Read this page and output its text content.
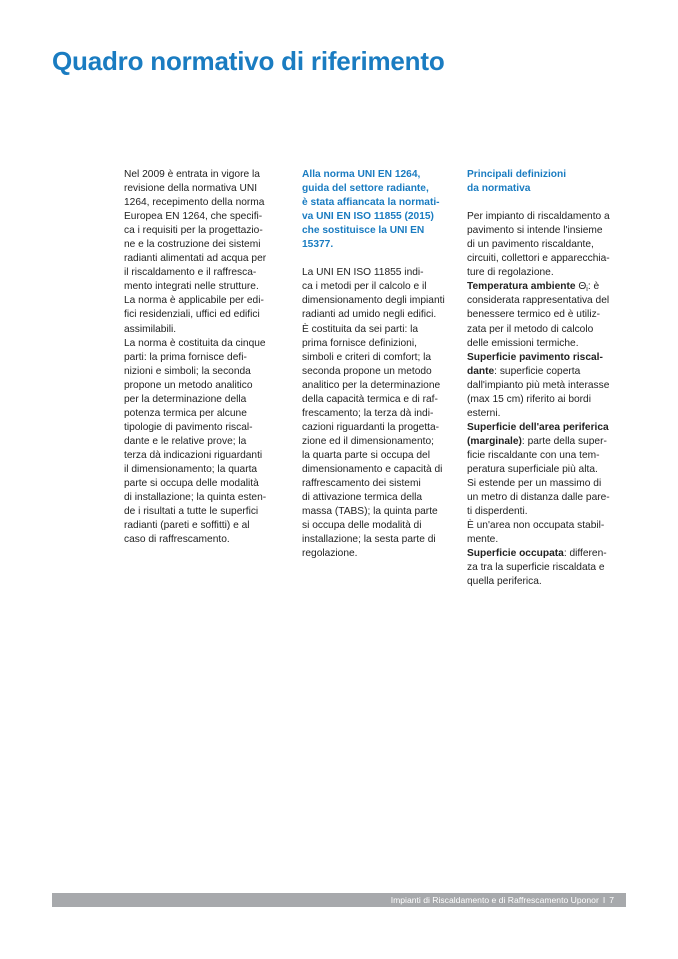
Quadro normativo di riferimento
Nel 2009 è entrata in vigore la
revisione della normativa UNI
1264, recepimento della norma
Europea EN 1264, che specifi-
ca i requisiti per la progettazio-
ne e la costruzione dei sistemi
radianti alimentati ad acqua per
il riscaldamento e il raffresca-
mento integrati nelle strutture.
La norma è applicabile per edi-
fici residenziali, uffici ed edifici
assimilabili.
La norma è costituita da cinque
parti: la prima fornisce defi-
nizioni e simboli; la seconda
propone un metodo analitico
per la determinazione della
potenza termica per alcune
tipologie di pavimento riscal-
dante e le relative prove; la
terza dà indicazioni riguardanti
il dimensionamento; la quarta
parte si occupa delle modalità
di installazione; la quinta esten-
de i risultati a tutte le superfici
radianti (pareti e soffitti) e al
caso di raffrescamento.
Alla norma UNI EN 1264,
guida del settore radiante,
è stata affiancata la normati-
va UNI EN ISO 11855 (2015)
che sostituisce la UNI EN
15377.
La UNI EN ISO 11855 indi-
ca i metodi per il calcolo e il
dimensionamento degli impianti
radianti ad umido negli edifici.
È costituita da sei parti: la
prima fornisce definizioni,
simboli e criteri di comfort; la
seconda propone un metodo
analitico per la determinazione
della capacità termica e di raf-
frescamento; la terza dà indi-
cazioni riguardanti la progetta-
zione ed il dimensionamento;
la quarta parte si occupa del
dimensionamento e capacità di
raffrescamento dei sistemi
di attivazione termica della
massa (TABS); la quinta parte
si occupa delle modalità di
installazione; la sesta parte di
regolazione.
Principali definizioni
da normativa
Per impianto di riscaldamento a
pavimento si intende l'insieme
di un pavimento riscaldante,
circuiti, collettori e apparecchia-
ture di regolazione.
Temperatura ambiente $\Theta_i$: è
considerata rappresentativa del
benessere termico ed è utiliz-
zata per il metodo di calcolo
delle emissioni termiche.
Superficie pavimento riscal-
dante: superficie coperta
dall'impianto più metà interasse
(max 15 cm) riferito ai bordi
esterni.
Superficie dell'area periferica
(marginale): parte della super-
ficie riscaldante con una tem-
peratura superficiale più alta.
Si estende per un massimo di
un metro di distanza dalle pare-
ti disperdenti.
È un'area non occupata stabil-
mente.
Superficie occupata: differen-
za tra la superficie riscaldata e
quella periferica.
Impianti di Riscaldamento e di Raffrescamento Uponor I 7
